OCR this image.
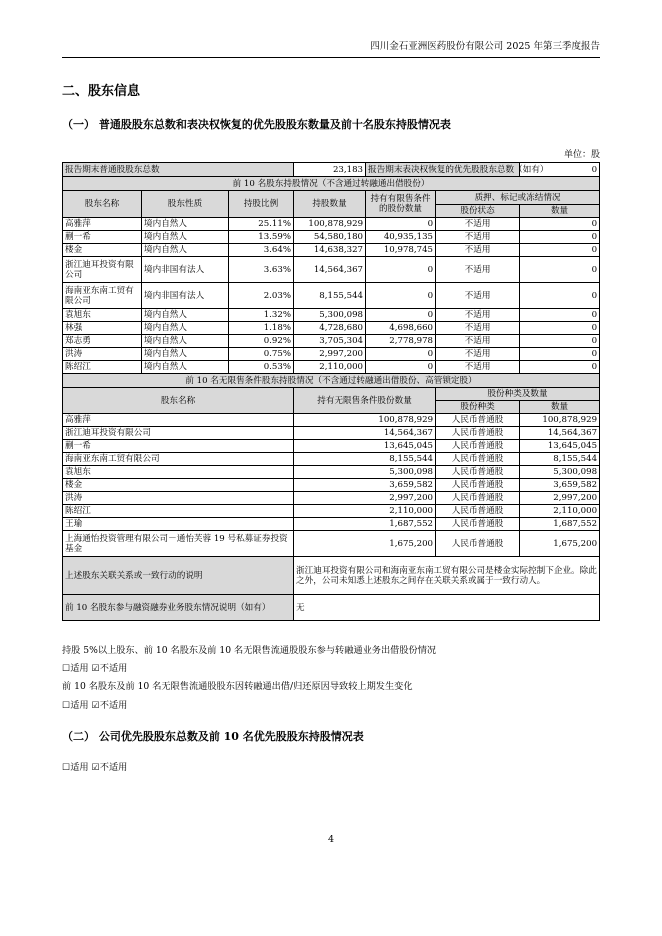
四川金石亚洲医药股份有限公司 2025 年第三季度报告
二、股东信息
（一） 普通股股东总数和表决权恢复的优先股股东数量及前十名股东持股情况表
单位：股
报告期末普通股股东总数			23,183	报告期末表决权恢复的优先股股东总数（如有）		0
前 10 名股东持股情况（不含通过转融通出借股份）						
股东名称	股东性质	持股比例	持股数量	持有有限售条件的股份数量	质押、标记或冻结情况	
					股份状态	数量
高雅萍	境内自然人	25.11%	100,878,929	0	不适用	0
蒯一希	境内自然人	13.59%	54,580,180	40,935,135	不适用	0
楼金	境内自然人	3.64%	14,638,327	10,978,745	不适用	0
浙江迪耳投资有限公司	境内非国有法人	3.63%	14,564,367	0	不适用	0
海南亚东南工贸有限公司	境内非国有法人	2.03%	8,155,544	0	不适用	0
袁旭东	境内自然人	1.32%	5,300,098	0	不适用	0
林强	境内自然人	1.18%	4,728,680	4,698,660	不适用	0
郑志勇	境内自然人	0.92%	3,705,304	2,778,978	不适用	0
洪涛	境内自然人	0.75%	2,997,200	0	不适用	0
陈绍江	境内自然人	0.53%	2,110,000	0	不适用	0
前 10 名无限售条件股东持股情况（不含通过转融通出借股份、高管锁定股）						
股东名称			持有无限售条件股份数量		股份种类及数量	
					股份种类	数量
高雅萍			100,878,929		人民币普通股	100,878,929
浙江迪耳投资有限公司			14,564,367		人民币普通股	14,564,367
蒯一希			13,645,045		人民币普通股	13,645,045
海南亚东南工贸有限公司			8,155,544		人民币普通股	8,155,544
袁旭东			5,300,098		人民币普通股	5,300,098
楼金			3,659,582		人民币普通股	3,659,582
洪涛			2,997,200		人民币普通股	2,997,200
陈绍江			2,110,000		人民币普通股	2,110,000
王瑜			1,687,552		人民币普通股	1,687,552
上海通怡投资管理有限公司－通怡芙蓉 19 号私募证券投资基金			1,675,200		人民币普通股	1,675,200
上述股东关联关系或一致行动的说明			浙江迪耳投资有限公司和海南亚东南工贸有限公司是楼金实际控制下企业。除此之外，公司未知悉上述股东之间存在关联关系或属于一致行动人。			
前 10 名股东参与融资融券业务股东情况说明（如有）			无			
持股 5%以上股东、前 10 名股东及前 10 名无限售流通股股东参与转融通业务出借股份情况
☐适用 ☑不适用
前 10 名股东及前 10 名无限售流通股股东因转融通出借/归还原因导致较上期发生变化
☐适用 ☑不适用
（二） 公司优先股股东总数及前 10 名优先股股东持股情况表
☐适用 ☑不适用
4
